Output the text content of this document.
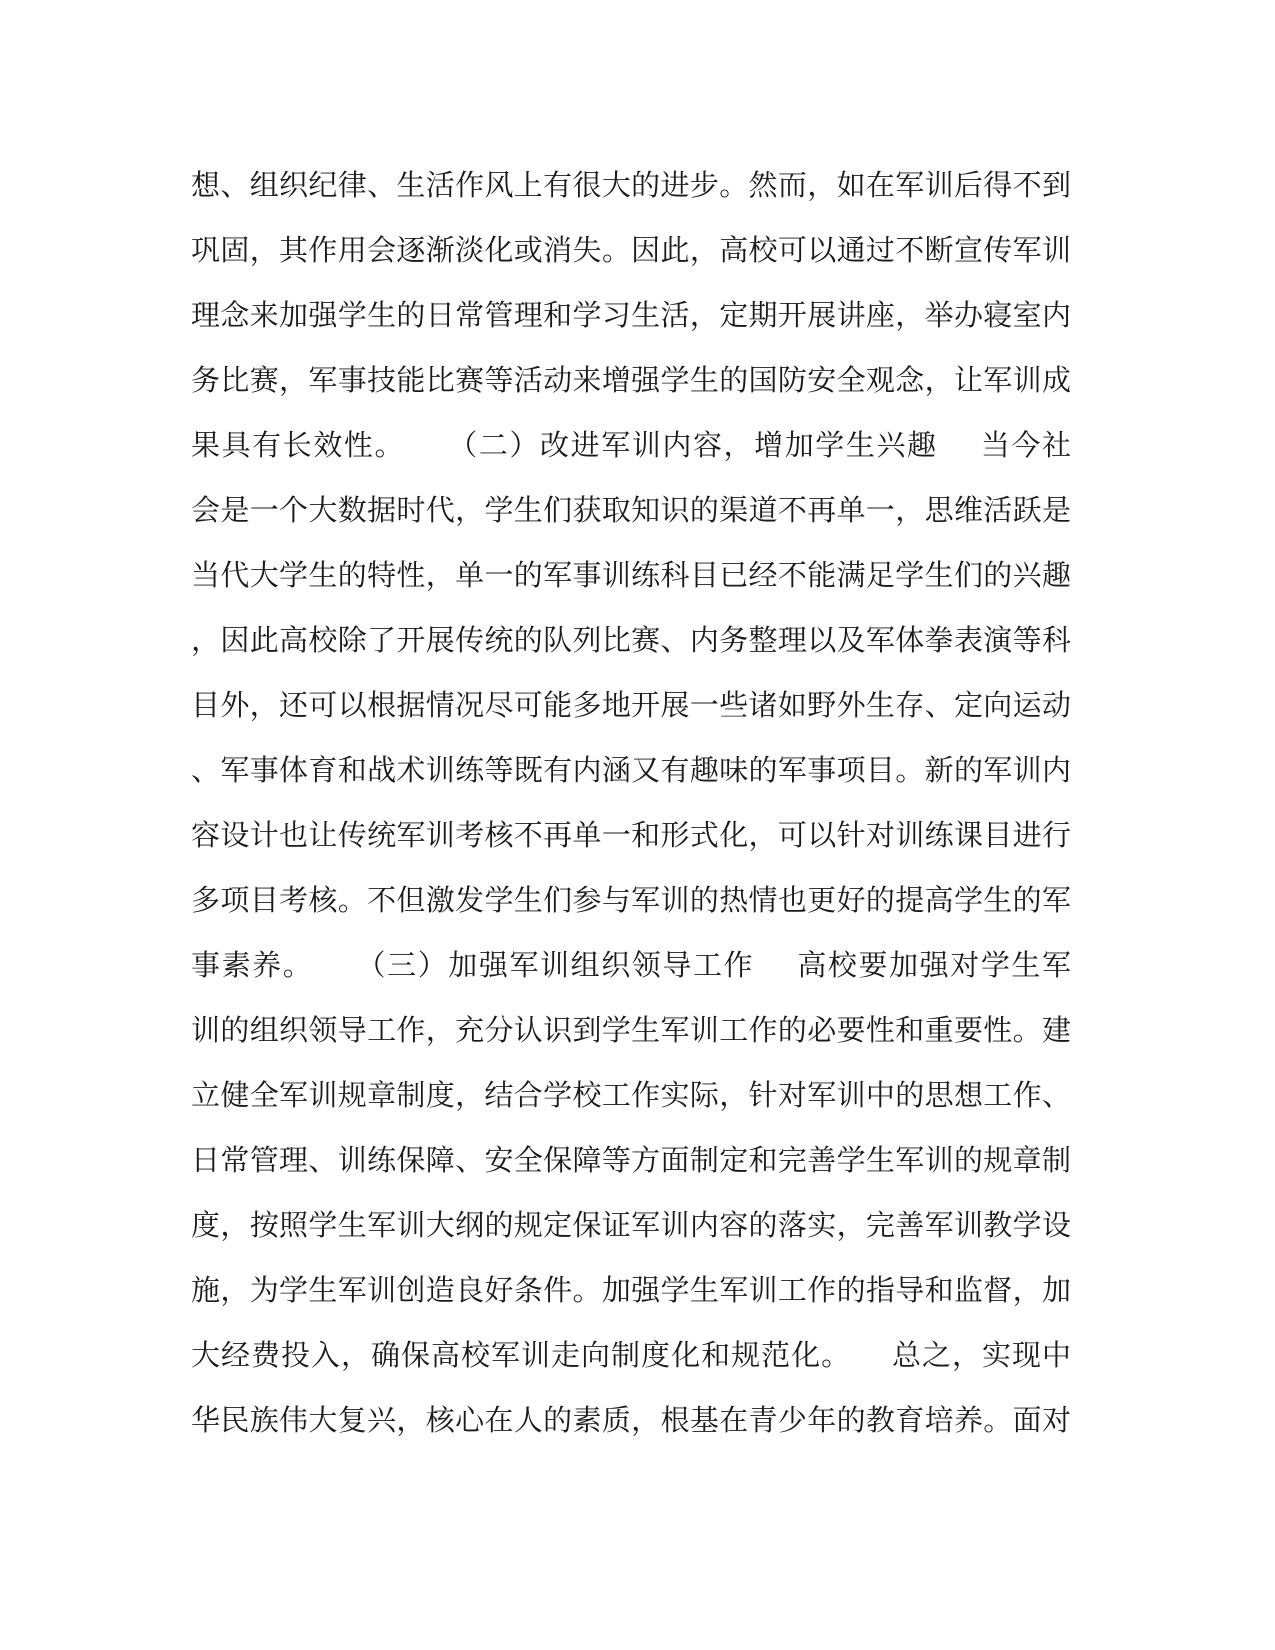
想、组织纪律、生活作风上有很大的进步。然而，如在军训后得不到
巩固，其作用会逐渐淡化或消失。因此，高校可以通过不断宣传军训
理念来加强学生的日常管理和学习生活，定期开展讲座，举办寝室内
务比赛，军事技能比赛等活动来增强学生的国防安全观念，让军训成
果具有长效性。    （二）改进军训内容，增加学生兴趣    当今社
会是一个大数据时代，学生们获取知识的渠道不再单一，思维活跃是
当代大学生的特性，单一的军事训练科目已经不能满足学生们的兴趣
，因此高校除了开展传统的队列比赛、内务整理以及军体拳表演等科
目外，还可以根据情况尽可能多地开展一些诸如野外生存、定向运动
、军事体育和战术训练等既有内涵又有趣味的军事项目。新的军训内
容设计也让传统军训考核不再单一和形式化，可以针对训练课目进行
多项目考核。不但激发学生们参与军训的热情也更好的提高学生的军
事素养。    （三）加强军训组织领导工作    高校要加强对学生军
训的组织领导工作，充分认识到学生军训工作的必要性和重要性。建
立健全军训规章制度，结合学校工作实际，针对军训中的思想工作、
日常管理、训练保障、安全保障等方面制定和完善学生军训的规章制
度，按照学生军训大纲的规定保证军训内容的落实，完善军训教学设
施，为学生军训创造良好条件。加强学生军训工作的指导和监督，加
大经费投入，确保高校军训走向制度化和规范化。    总之，实现中
华民族伟大复兴，核心在人的素质，根基在青少年的教育培养。面对
